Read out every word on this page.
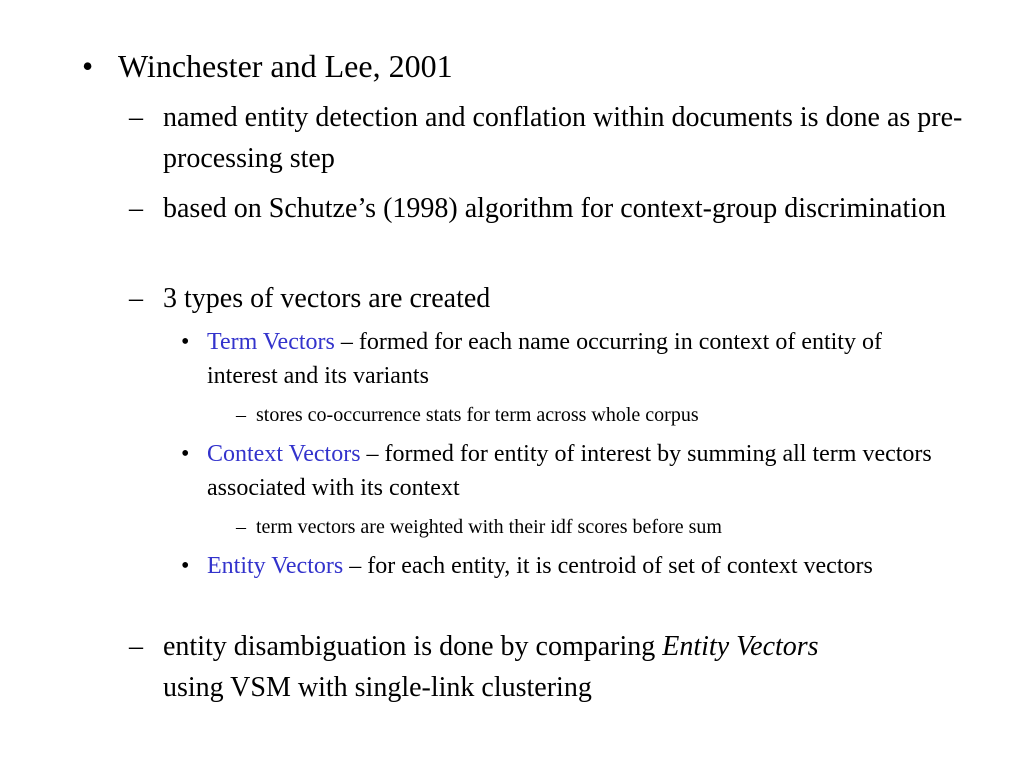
• Winchester and Lee, 2001

– named entity detection and conflation within documents is done as pre-processing step

– based on Schutze’s (1998) algorithm for context-group discrimination

– 3 types of vectors are created

• Term Vectors – formed for each name occurring in context of entity of interest and its variants

– stores co-occurrence stats for term across whole corpus

• Context Vectors – formed for entity of interest by summing all term vectors associated with its context

– term vectors are weighted with their idf scores before sum

• Entity Vectors – for each entity, it is centroid of set of context vectors

– entity disambiguation is done by comparing Entity Vectors using VSM with single-link clustering
